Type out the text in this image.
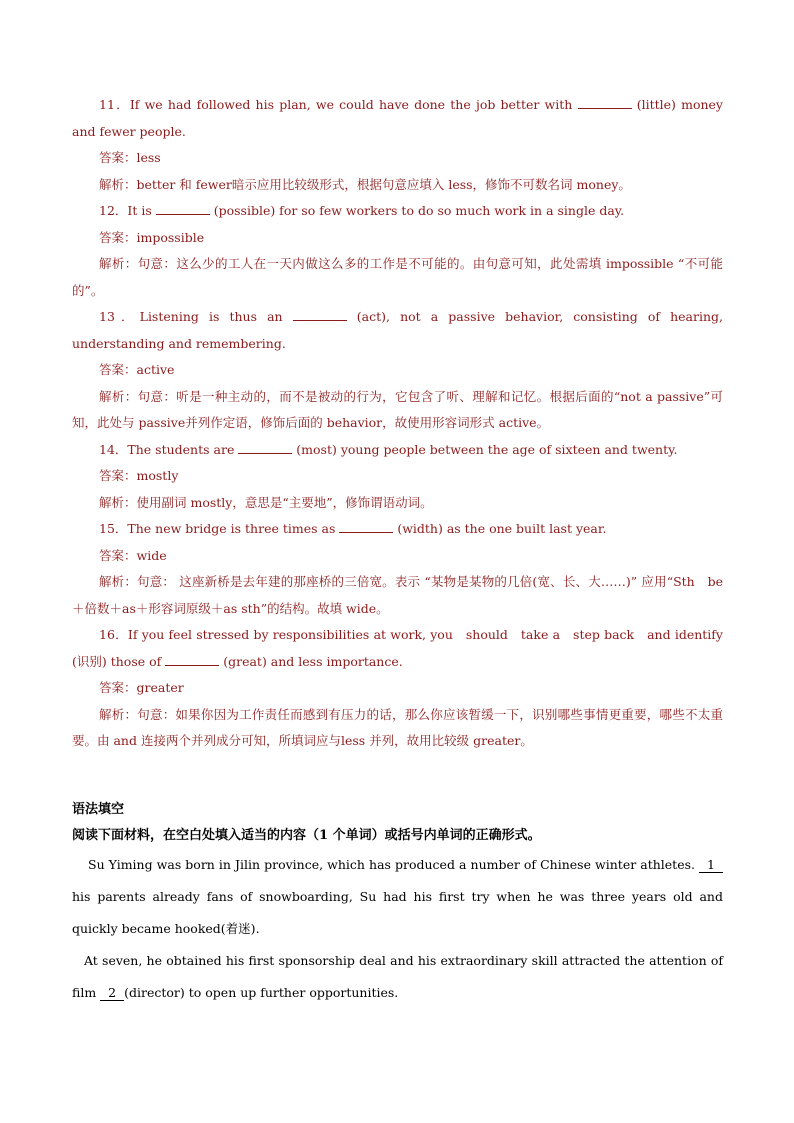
11．If we had followed his plan, we could have done the job better with	(little) money and fewer people.
答案：less
解析：better 和 fewer暗示应用比较级形式，根据句意应填入 less，修饰不可数名词 money。
12．It is	(possible) for so few workers to do so much work in a single day.
答案：impossible
解析：句意：这么少的工人在一天内做这么多的工作是不可能的。由句意可知，此处需填 impossible “不可能的”。
13．Listening is thus an	(act), not a passive behavior, consisting of hearing, understanding and remembering.
答案：active
解析：句意：听是一种主动的，而不是被动的行为，它包含了听、理解和记忆。根据后面的“not a passive”可知，此处与 passive并列作定语，修饰后面的 behavior，故使用形容词形式 active。
14．The students are	(most) young people between the age of sixteen and twenty.
答案：mostly
解析：使用副词 mostly，意思是“主要地”，修饰谓语动词。
15．The new bridge is three times as	(width) as the one built last year.
答案：wide
解析：句意： 这座新桥是去年建的那座桥的三倍宽。表示 “某物是某物的几倍(宽、长、大……)” 应用“Sth　be＋倍数＋as＋形容词原级＋as sth”的结构。故填 wide。
16．If you feel stressed by responsibilities at work, you　should　take a　step back　and identify (识别) those of	(great) and less importance.
答案：greater
解析：句意：如果你因为工作责任而感到有压力的话，那么你应该暂缓一下，识别哪些事情更重要，哪些不太重要。由 and 连接两个并列成分可知，所填词应与less 并列，故用比较级 greater。
语法填空
阅读下面材料，在空白处填入适当的内容（1 个单词）或括号内单词的正确形式。
Su Yiming was born in Jilin province, which has produced a number of Chinese winter athletes. 1 his parents already fans of snowboarding, Su had his first try when he was three years old and quickly became hooked(着迷).
At seven, he obtained his first sponsorship deal and his extraordinary skill attracted the attention of film 2 (director) to open up further opportunities.
